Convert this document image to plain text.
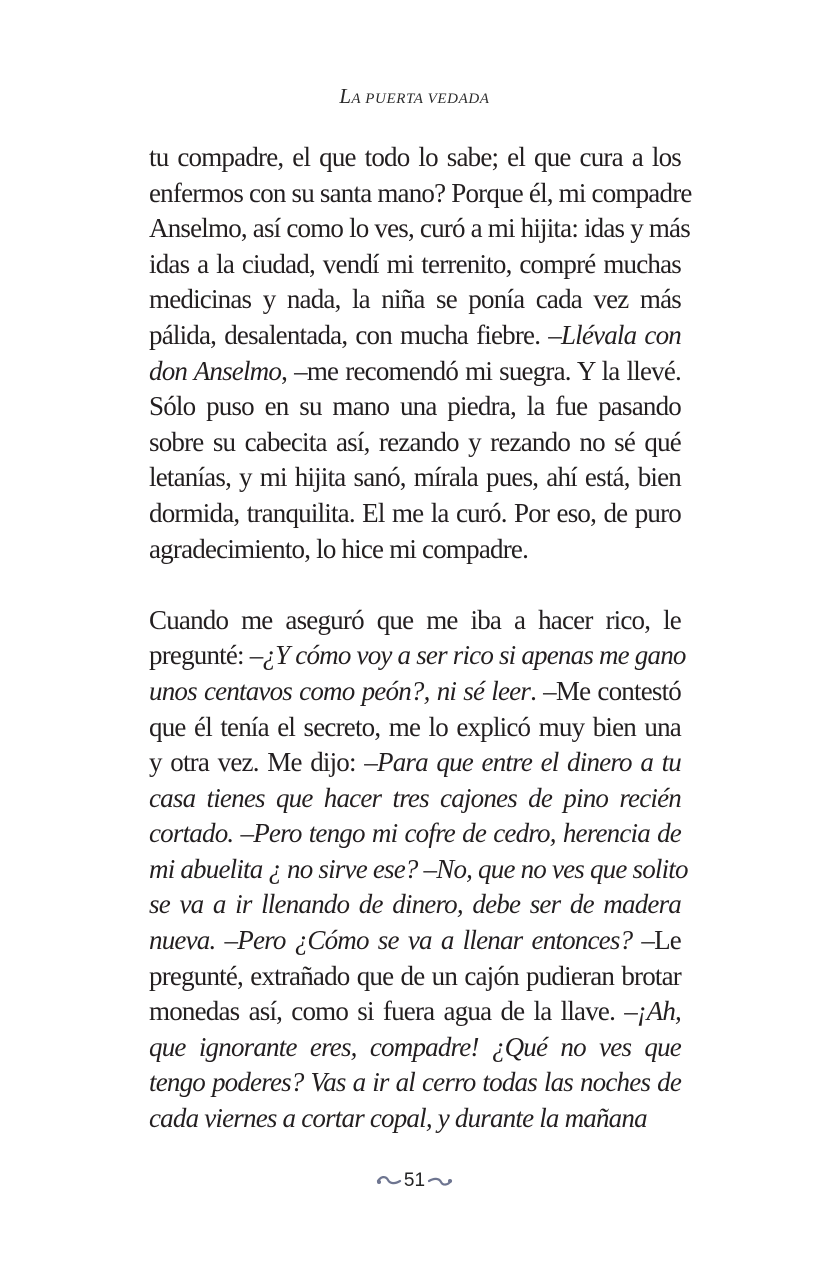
LA PUERTA VEDADA
tu compadre, el que todo lo sabe; el que cura a los
enfermos con su santa mano? Porque él, mi compadre
Anselmo, así como lo ves, curó a mi hijita: idas y más
idas a la ciudad, vendí mi terrenito, compré muchas
medicinas y nada, la niña se ponía cada vez más
pálida, desalentada, con mucha fiebre. –Llévala con
don Anselmo, –me recomendó mi suegra. Y la llevé.
Sólo puso en su mano una piedra, la fue pasando
sobre su cabecita así, rezando y rezando no sé qué
letanías, y mi hijita sanó, mírala pues, ahí está, bien
dormida, tranquilita. El me la curó. Por eso, de puro
agradecimiento, lo hice mi compadre.
Cuando me aseguró que me iba a hacer rico, le
pregunté: –¿Y cómo voy a ser rico si apenas me gano
unos centavos como peón?, ni sé leer. –Me contestó
que él tenía el secreto, me lo explicó muy bien una
y otra vez. Me dijo: –Para que entre el dinero a tu
casa tienes que hacer tres cajones de pino recién
cortado. –Pero tengo mi cofre de cedro, herencia de
mi abuelita ¿ no sirve ese? –No, que no ves que solito
se va a ir llenando de dinero, debe ser de madera
nueva. –Pero ¿Cómo se va a llenar entonces? –Le
pregunté, extrañado que de un cajón pudieran brotar
monedas así, como si fuera agua de la llave. –¡Ah,
que ignorante eres, compadre! ¿Qué no ves que
tengo poderes? Vas a ir al cerro todas las noches de
cada viernes a cortar copal, y durante la mañana
51
